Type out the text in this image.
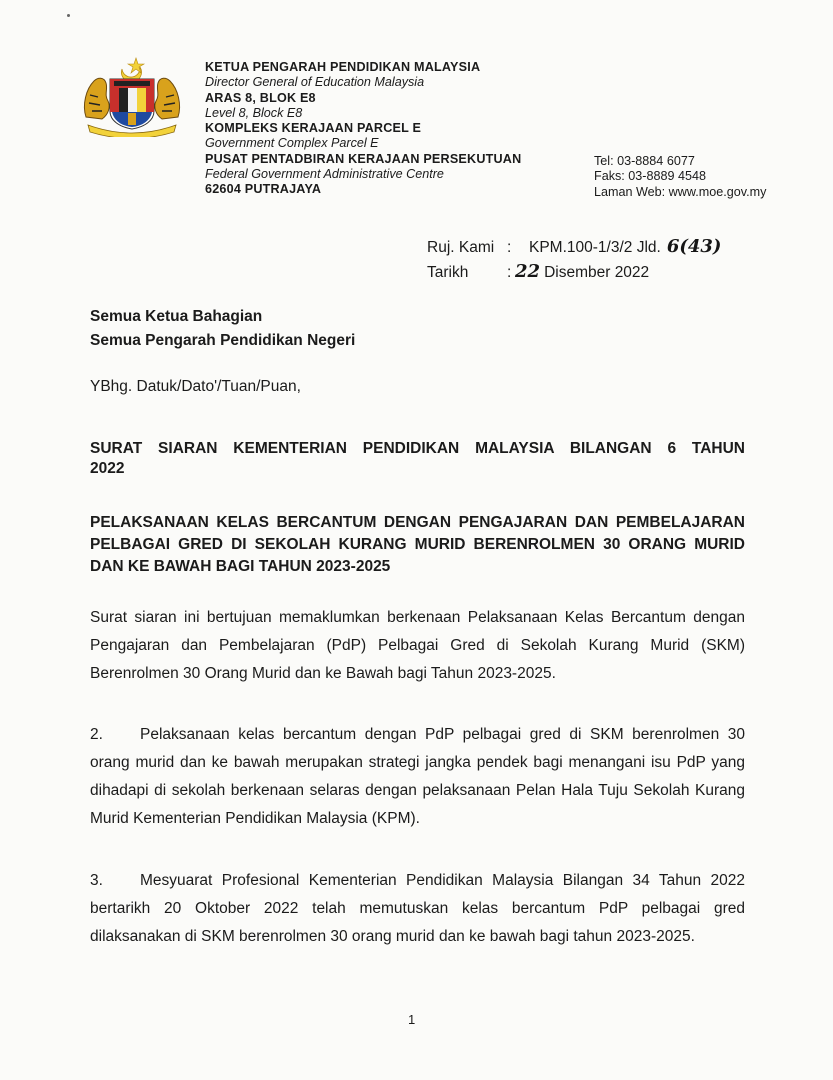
KETUA PENGARAH PENDIDIKAN MALAYSIA
Director General of Education Malaysia
ARAS 8, BLOK E8
Level 8, Block E8
KOMPLEKS KERAJAAN PARCEL E
Government Complex Parcel E
PUSAT PENTADBIRAN KERAJAAN PERSEKUTUAN
Federal Government Administrative Centre
62604 PUTRAJAYA
Tel: 03-8884 6077
Faks: 03-8889 4548
Laman Web: www.moe.gov.my
Ruj. Kami :	KPM.100-1/3/2 Jld. 6(43)
Tarikh	: 22 Disember 2022
Semua Ketua Bahagian
Semua Pengarah Pendidikan Negeri
YBhg. Datuk/Dato'/Tuan/Puan,
SURAT SIARAN KEMENTERIAN PENDIDIKAN MALAYSIA BILANGAN 6 TAHUN 2022
PELAKSANAAN KELAS BERCANTUM DENGAN PENGAJARAN DAN PEMBELAJARAN PELBAGAI GRED DI SEKOLAH KURANG MURID BERENROLMEN 30 ORANG MURID DAN KE BAWAH BAGI TAHUN 2023-2025
Surat siaran ini bertujuan memaklumkan berkenaan Pelaksanaan Kelas Bercantum dengan Pengajaran dan Pembelajaran (PdP) Pelbagai Gred di Sekolah Kurang Murid (SKM) Berenrolmen 30 Orang Murid dan ke Bawah bagi Tahun 2023-2025.
2. Pelaksanaan kelas bercantum dengan PdP pelbagai gred di SKM berenrolmen 30 orang murid dan ke bawah merupakan strategi jangka pendek bagi menangani isu PdP yang dihadapi di sekolah berkenaan selaras dengan pelaksanaan Pelan Hala Tuju Sekolah Kurang Murid Kementerian Pendidikan Malaysia (KPM).
3. Mesyuarat Profesional Kementerian Pendidikan Malaysia Bilangan 34 Tahun 2022 bertarikh 20 Oktober 2022 telah memutuskan kelas bercantum PdP pelbagai gred dilaksanakan di SKM berenrolmen 30 orang murid dan ke bawah bagi tahun 2023-2025.
1
